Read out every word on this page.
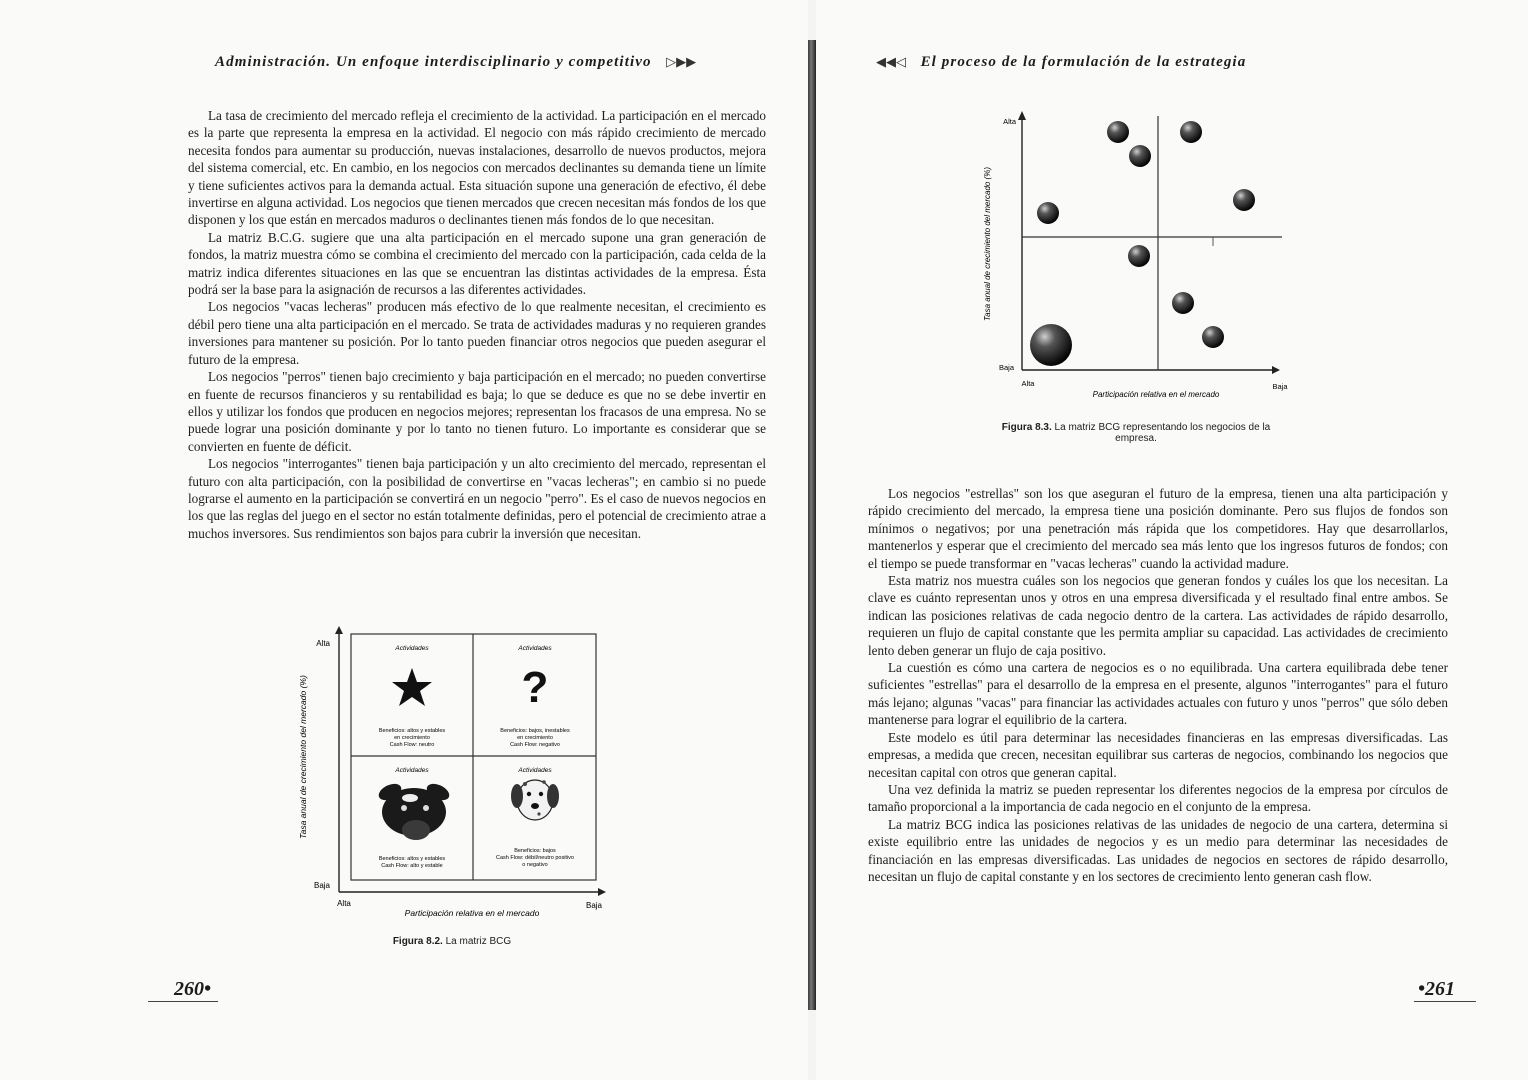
Administración. Un enfoque interdisciplinario y competitivo ▷▶▶

La tasa de crecimiento del mercado refleja el crecimiento de la actividad. La participación en el mercado es la parte que representa la empresa en la actividad. El negocio con más rápido crecimiento de mercado necesita fondos para aumentar su producción, nuevas instalaciones, desarrollo de nuevos productos, mejora del sistema comercial, etc. En cambio, en los negocios con mercados declinantes su demanda tiene un límite y tiene suficientes activos para la demanda actual. Esta situación supone una generación de efectivo, él debe invertirse en alguna actividad. Los negocios que tienen mercados que crecen necesitan más fondos de los que disponen y los que están en mercados maduros o declinantes tienen más fondos de lo que necesitan.

La matriz B.C.G. sugiere que una alta participación en el mercado supone una gran generación de fondos, la matriz muestra cómo se combina el crecimiento del mercado con la participación, cada celda de la matriz indica diferentes situaciones en las que se encuentran las distintas actividades de la empresa. Ésta podrá ser la base para la asignación de recursos a las diferentes actividades.

Los negocios "vacas lecheras" producen más efectivo de lo que realmente necesitan, el crecimiento es débil pero tiene una alta participación en el mercado. Se trata de actividades maduras y no requieren grandes inversiones para mantener su posición. Por lo tanto pueden financiar otros negocios que pueden asegurar el futuro de la empresa.

Los negocios "perros" tienen bajo crecimiento y baja participación en el mercado; no pueden convertirse en fuente de recursos financieros y su rentabilidad es baja; lo que se deduce es que no se debe invertir en ellos y utilizar los fondos que producen en negocios mejores; representan los fracasos de una empresa. No se puede lograr una posición dominante y por lo tanto no tienen futuro. Lo importante es considerar que se convierten en fuente de déficit.

Los negocios "interrogantes" tienen baja participación y un alto crecimiento del mercado, representan el futuro con alta participación, con la posibilidad de convertirse en "vacas lecheras"; en cambio si no puede lograrse el aumento en la participación se convertirá en un negocio "perro". Es el caso de nuevos negocios en los que las reglas del juego en el sector no están totalmente definidas, pero el potencial de crecimiento atrae a muchos inversores. Sus rendimientos son bajos para cubrir la inversión que necesitan.

Alta
Baja
Alta	Baja
Participación relativa en el mercado
Tasa anual de crecimiento del mercado (%)
Actividades
Beneficios: altos y estables
en crecimiento
Cash Flow: neutro
Actividades
?
Beneficios: bajos, inestables
en crecimiento
Cash Flow: negativo
Actividades
Beneficios: altos y estables
Cash Flow: alto y estable
Actividades
Beneficios: bajos
Cash Flow: débil/neutro positivo
o negativo
Figura 8.2. La matriz BCG
260•
◀◀◁ El proceso de la formulación de la estrategia
Alta
Baja
Alta	Baja
Participación relativa en el mercado
Tasa anual de crecimiento del mercado (%)
Figura 8.3. La matriz BCG representando los negocios de la empresa.

Los negocios "estrellas" son los que aseguran el futuro de la empresa, tienen una alta participación y rápido crecimiento del mercado, la empresa tiene una posición dominante. Pero sus flujos de fondos son mínimos o negativos; por una penetración más rápida que los competidores. Hay que desarrollarlos, mantenerlos y esperar que el crecimiento del mercado sea más lento que los ingresos futuros de fondos; con el tiempo se puede transformar en "vacas lecheras" cuando la actividad madure.

Esta matriz nos muestra cuáles son los negocios que generan fondos y cuáles los que los necesitan. La clave es cuánto representan unos y otros en una empresa diversificada y el resultado final entre ambos. Se indican las posiciones relativas de cada negocio dentro de la cartera. Las actividades de rápido desarrollo, requieren un flujo de capital constante que les permita ampliar su capacidad. Las actividades de crecimiento lento deben generar un flujo de caja positivo.

La cuestión es cómo una cartera de negocios es o no equilibrada. Una cartera equilibrada debe tener suficientes "estrellas" para el desarrollo de la empresa en el presente, algunos "interrogantes" para el futuro más lejano; algunas "vacas" para financiar las actividades actuales con futuro y unos "perros" que sólo deben mantenerse para lograr el equilibrio de la cartera.

Este modelo es útil para determinar las necesidades financieras en las empresas diversificadas. Las empresas, a medida que crecen, necesitan equilibrar sus carteras de negocios, combinando los negocios que necesitan capital con otros que generan capital.

Una vez definida la matriz se pueden representar los diferentes negocios de la empresa por círculos de tamaño proporcional a la importancia de cada negocio en el conjunto de la empresa.

La matriz BCG indica las posiciones relativas de las unidades de negocio de una cartera, determina si existe equilibrio entre las unidades de negocios y es un medio para determinar las necesidades de financiación en las empresas diversificadas. Las unidades de negocios en sectores de rápido desarrollo, necesitan un flujo de capital constante y en los sectores de crecimiento lento generan cash flow.

•261
